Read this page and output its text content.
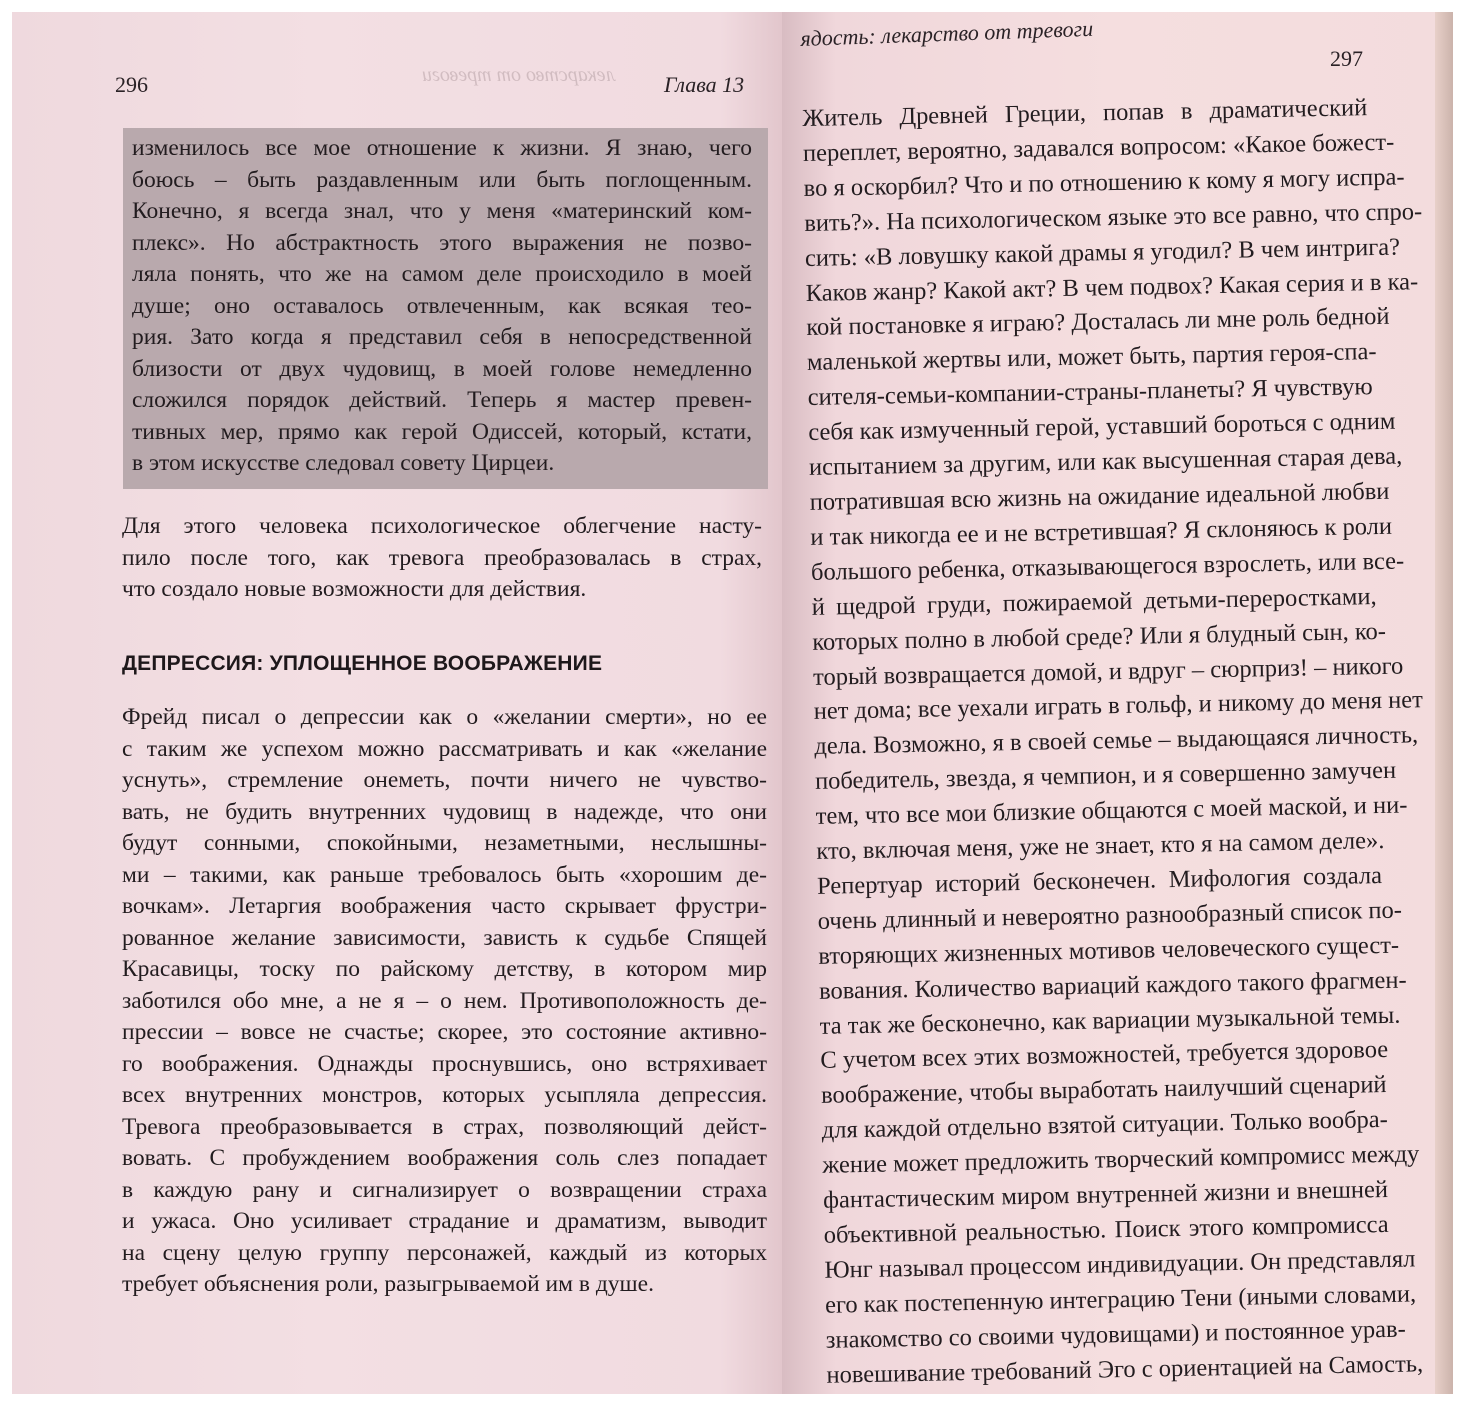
296	лекарство от тревоги Глава 13
изменилось все мое отношение к жизни. Я знаю, чего
боюсь – быть раздавленным или быть поглощенным.
Конечно, я всегда знал, что у меня «материнский ком-
плекс». Но абстрактность этого выражения не позво-
ляла понять, что же на самом деле происходило в моей
душе; оно оставалось отвлеченным, как всякая тео-
рия. Зато когда я представил себя в непосредственной
близости от двух чудовищ, в моей голове немедленно
сложился порядок действий. Теперь я мастер превен-
тивных мер, прямо как герой Одиссей, который, кстати,
в этом искусстве следовал совету Цирцеи.
Для этого человека психологическое облегчение насту-
пило после того, как тревога преобразовалась в страх,
что создало новые возможности для действия.
ДЕПРЕССИЯ: УПЛОЩЕННОЕ ВООБРАЖЕНИЕ
Фрейд писал о депрессии как о «желании смерти», но ее
с таким же успехом можно рассматривать и как «желание
уснуть», стремление онеметь, почти ничего не чувство-
вать, не будить внутренних чудовищ в надежде, что они
будут сонными, спокойными, незаметными, неслышны-
ми – такими, как раньше требовалось быть «хорошим де-
вочкам». Летаргия воображения часто скрывает фрустри-
рованное желание зависимости, зависть к судьбе Спящей
Красавицы, тоску по райскому детству, в котором мир
заботился обо мне, а не я – о нем. Противоположность де-
прессии – вовсе не счастье; скорее, это состояние активно-
го воображения. Однажды проснувшись, оно встряхивает
всех внутренних монстров, которых усыпляла депрессия.
Тревога преобразовывается в страх, позволяющий дейст-
вовать. С пробуждением воображения соль слез попадает
в каждую рану и сигнализирует о возвращении страха
и ужаса. Оно усиливает страдание и драматизм, выводит
на сцену целую группу персонажей, каждый из которых
требует объяснения роли, разыгрываемой им в душе.
ядость: лекарство от тревоги
297
Житель Древней Греции, попав в драматический
переплет, вероятно, задавался вопросом: «Какое божест-
во я оскорбил? Что и по отношению к кому я могу испра-
вить?». На психологическом языке это все равно, что спро-
сить: «В ловушку какой драмы я угодил? В чем интрига?
Каков жанр? Какой акт? В чем подвох? Какая серия и в ка-
кой постановке я играю? Досталась ли мне роль бедной
маленькой жертвы или, может быть, партия героя-спа-
сителя-семьи-компании-страны-планеты? Я чувствую
себя как измученный герой, уставший бороться с одним
испытанием за другим, или как высушенная старая дева,
потратившая всю жизнь на ожидание идеальной любви
и так никогда ее и не встретившая? Я склоняюсь к роли
большого ребенка, отказывающегося взрослеть, или все-
й щедрой груди, пожираемой детьми-переростками,
которых полно в любой среде? Или я блудный сын, ко-
торый возвращается домой, и вдруг – сюрприз! – никого
нет дома; все уехали играть в гольф, и никому до меня нет
дела. Возможно, я в своей семье – выдающаяся личность,
победитель, звезда, я чемпион, и я совершенно замучен
тем, что все мои близкие общаются с моей маской, и ни-
кто, включая меня, уже не знает, кто я на самом деле».
Репертуар историй бесконечен. Мифология создала
очень длинный и невероятно разнообразный список по-
вторяющих жизненных мотивов человеческого сущест-
вования. Количество вариаций каждого такого фрагмен-
та так же бесконечно, как вариации музыкальной темы.
С учетом всех этих возможностей, требуется здоровое
воображение, чтобы выработать наилучший сценарий
для каждой отдельно взятой ситуации. Только вообра-
жение может предложить творческий компромисс между
фантастическим миром внутренней жизни и внешней
объективной реальностью. Поиск этого компромисса
Юнг называл процессом индивидуации. Он представлял
его как постепенную интеграцию Тени (иными словами,
знакомство со своими чудовищами) и постоянное урав-
новешивание требований Эго с ориентацией на Самость,
